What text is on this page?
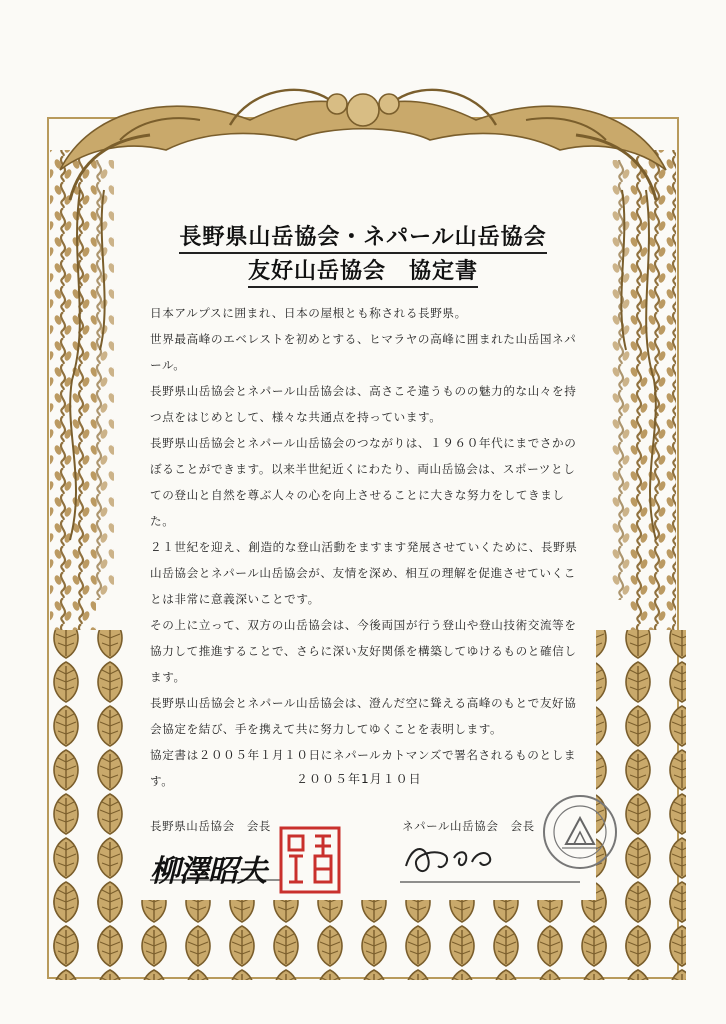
長野県山岳協会・ネパール山岳協会
友好山岳協会　協定書

日本アルプスに囲まれ、日本の屋根とも称される長野県。

世界最高峰のエベレストを初めとする、ヒマラヤの高峰に囲まれた山岳国ネパール。

長野県山岳協会とネパール山岳協会は、高さこそ違うものの魅力的な山々を持つ点をはじめとして、様々な共通点を持っています。

長野県山岳協会とネパール山岳協会のつながりは、１９６０年代にまでさかのぼることができます。以来半世紀近くにわたり、両山岳協会は、スポーツとしての登山と自然を尊ぶ人々の心を向上させることに大きな努力をしてきました。

２１世紀を迎え、創造的な登山活動をますます発展させていくために、長野県山岳協会とネパール山岳協会が、友情を深め、相互の理解を促進させていくことは非常に意義深いことです。

その上に立って、双方の山岳協会は、今後両国が行う登山や登山技術交流等を協力して推進することで、さらに深い友好関係を構築してゆけるものと確信します。

長野県山岳協会とネパール山岳協会は、澄んだ空に聳える高峰のもとで友好協会協定を結び、手を携えて共に努力してゆくことを表明します。

協定書は２００５年１月１０日にネパールカトマンズで署名されるものとします。	２００５年1月１０日
長野県山岳協会　会長	ネパール山岳協会　会長
柳澤昭夫
